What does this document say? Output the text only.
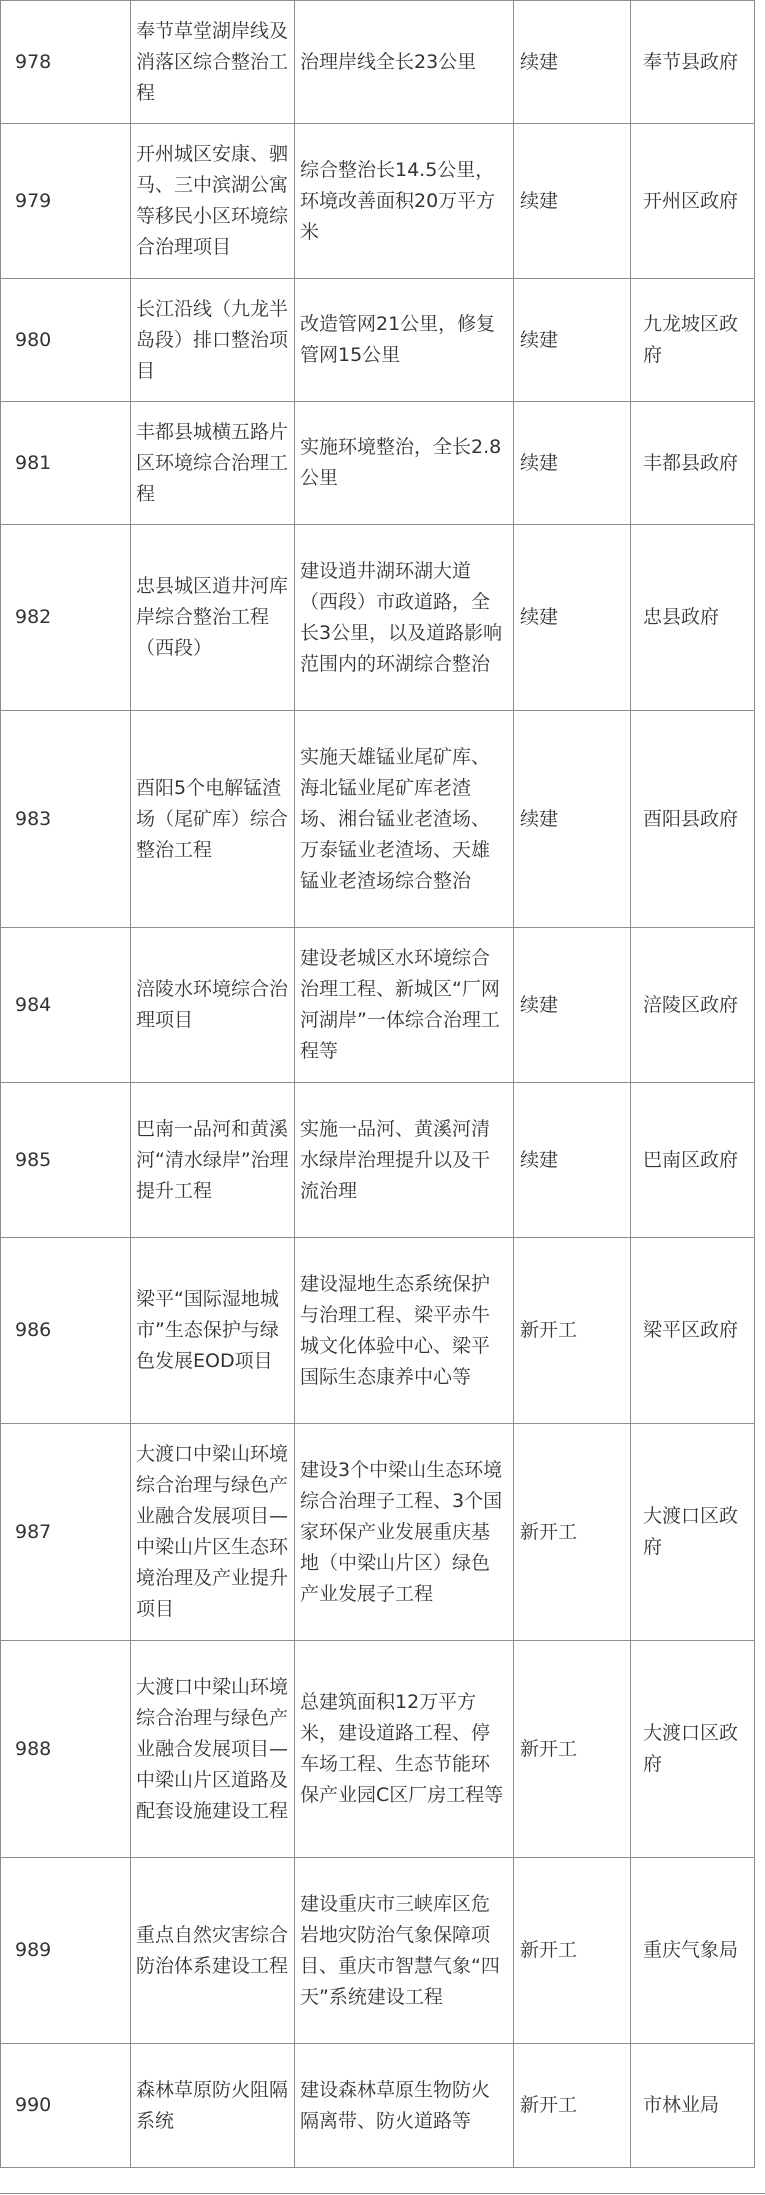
978	奉节草堂湖岸线及消落区综合整治工程	治理岸线全长23公里	续建	奉节县政府
979	开州城区安康、驷马、三中滨湖公寓等移民小区环境综合治理项目	综合整治长14.5公里，环境改善面积20万平方米	续建	开州区政府
980	长江沿线（九龙半岛段）排口整治项目	改造管网21公里，修复管网15公里	续建	九龙坡区政府
981	丰都县城横五路片区环境综合治理工程	实施环境整治，全长2.8公里	续建	丰都县政府
982	忠县城区逍井河库岸综合整治工程（西段）	建设逍井湖环湖大道（西段）市政道路，全长3公里，以及道路影响范围内的环湖综合整治	续建	忠县政府
983	酉阳5个电解锰渣场（尾矿库）综合整治工程	实施天雄锰业尾矿库、海北锰业尾矿库老渣场、湘台锰业老渣场、万泰锰业老渣场、天雄锰业老渣场综合整治	续建	酉阳县政府
984	涪陵水环境综合治理项目	建设老城区水环境综合治理工程、新城区“厂网河湖岸”一体综合治理工程等	续建	涪陵区政府
985	巴南一品河和黄溪河“清水绿岸”治理提升工程	实施一品河、黄溪河清水绿岸治理提升以及干流治理	续建	巴南区政府
986	梁平“国际湿地城市”生态保护与绿色发展EOD项目	建设湿地生态系统保护与治理工程、梁平赤牛城文化体验中心、梁平国际生态康养中心等	新开工	梁平区政府
987	大渡口中梁山环境综合治理与绿色产业融合发展项目—中梁山片区生态环境治理及产业提升项目	建设3个中梁山生态环境综合治理子工程、3个国家环保产业发展重庆基地（中梁山片区）绿色产业发展子工程	新开工	大渡口区政府
988	大渡口中梁山环境综合治理与绿色产业融合发展项目—中梁山片区道路及配套设施建设工程	总建筑面积12万平方米，建设道路工程、停车场工程、生态节能环保产业园C区厂房工程等	新开工	大渡口区政府
989	重点自然灾害综合防治体系建设工程	建设重庆市三峡库区危岩地灾防治气象保障项目、重庆市智慧气象“四天”系统建设工程	新开工	重庆气象局
990	森林草原防火阻隔系统	建设森林草原生物防火隔离带、防火道路等	新开工	市林业局
